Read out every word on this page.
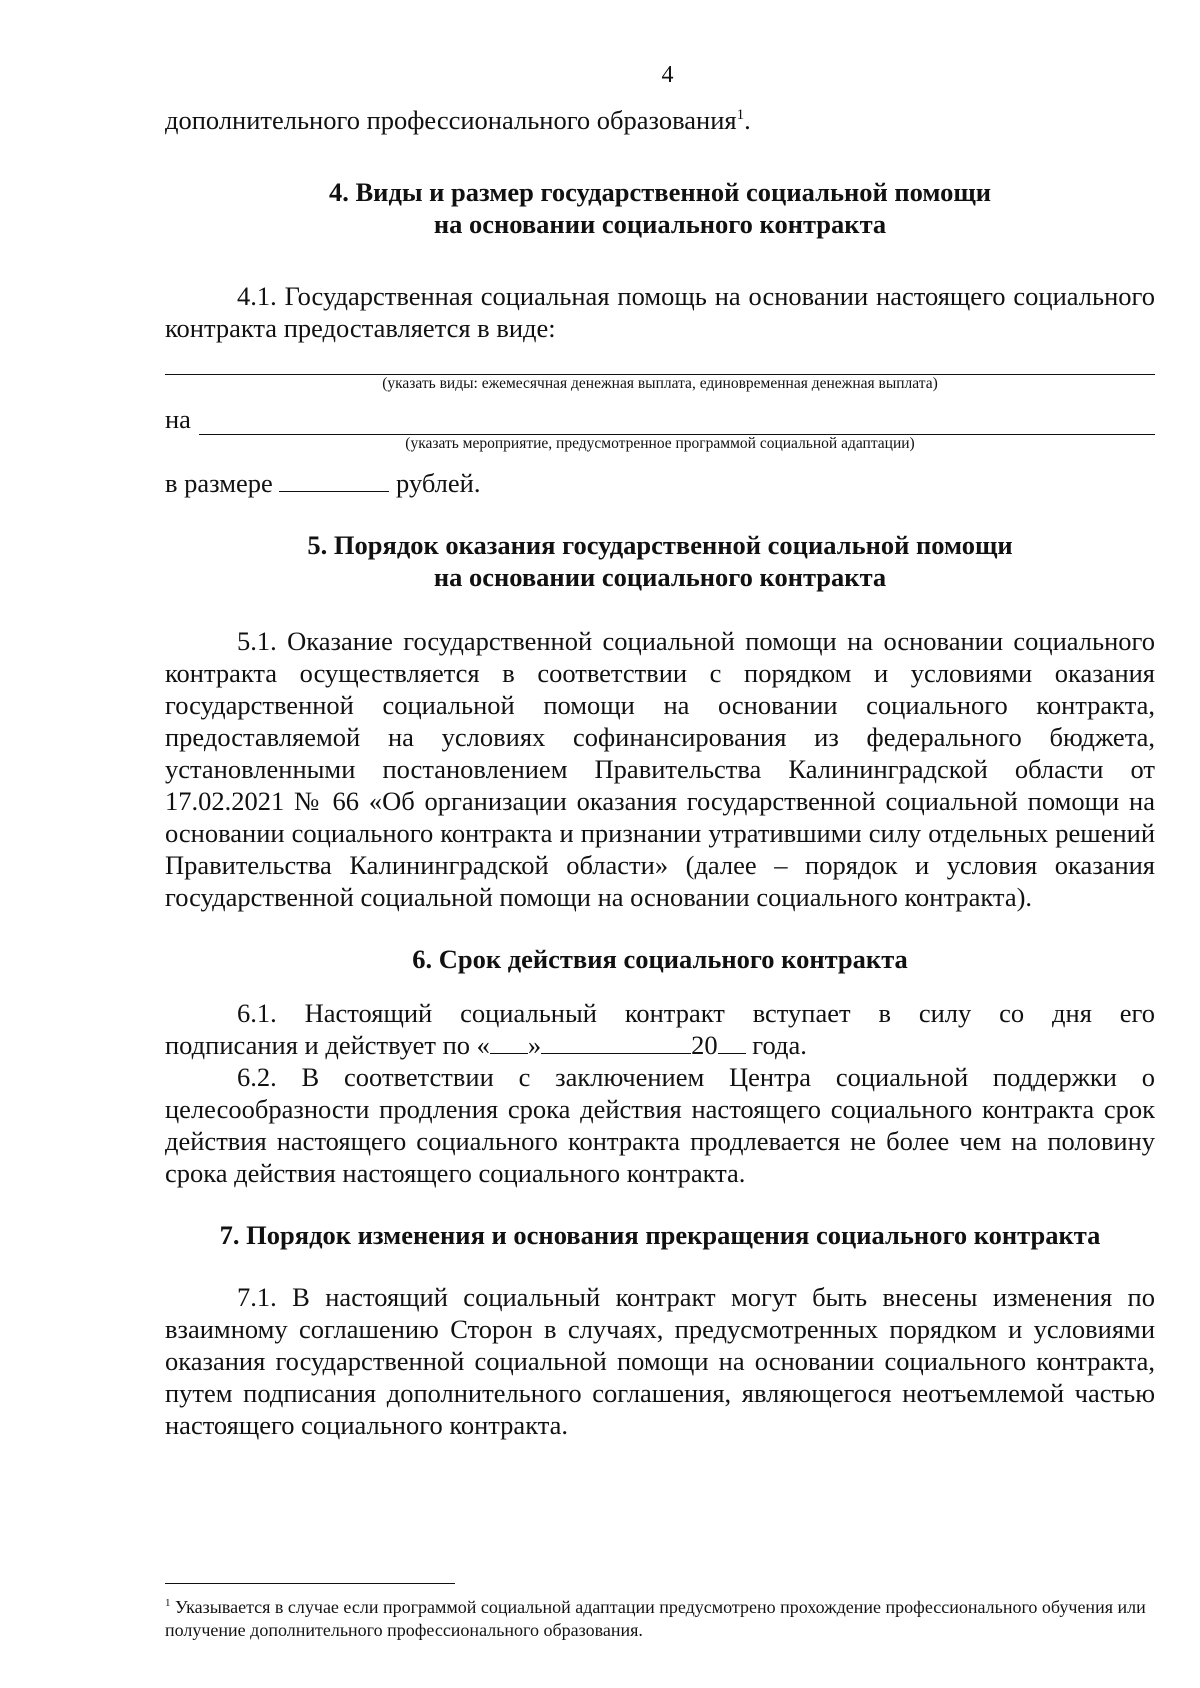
4

дополнительного профессионального образования$^1$.

4. Виды и размер государственной социальной помощи
на основании социального контракта

4.1. Государственная социальная помощь на основании настоящего социального контракта предоставляется в виде:

(указать виды: ежемесячная денежная выплата, единовременная денежная выплата)
на
(указать мероприятие, предусмотренное программой социальной адаптации)

в размере	рублей.

5. Порядок оказания государственной социальной помощи
на основании социального контракта

5.1. Оказание государственной социальной помощи на основании социального контракта осуществляется в соответствии с порядком и условиями оказания государственной социальной помощи на основании социального контракта, предоставляемой на условиях софинансирования из федерального бюджета, установленными постановлением Правительства Калининградской области от 17.02.2021 № 66 «Об организации оказания государственной социальной помощи на основании социального контракта и признании утратившими силу отдельных решений Правительства Калининградской области» (далее – порядок и условия оказания государственной социальной помощи на основании социального контракта).

6. Срок действия социального контракта

6.1. Настоящий социальный контракт вступает в силу со дня его

подписания и действует по « »	20 года.

6.2. В соответствии с заключением Центра социальной поддержки о целесообразности продления срока действия настоящего социального контракта срок действия настоящего социального контракта продлевается не более чем на половину срока действия настоящего социального контракта.

7. Порядок изменения и основания прекращения социального контракта

7.1. В настоящий социальный контракт могут быть внесены изменения по взаимному соглашению Сторон в случаях, предусмотренных порядком и условиями оказания государственной социальной помощи на основании социального контракта, путем подписания дополнительного соглашения, являющегося неотъемлемой частью настоящего социального контракта.

$^1$ Указывается в случае если программой социальной адаптации предусмотрено прохождение профессионального обучения или получение дополнительного профессионального образования.
